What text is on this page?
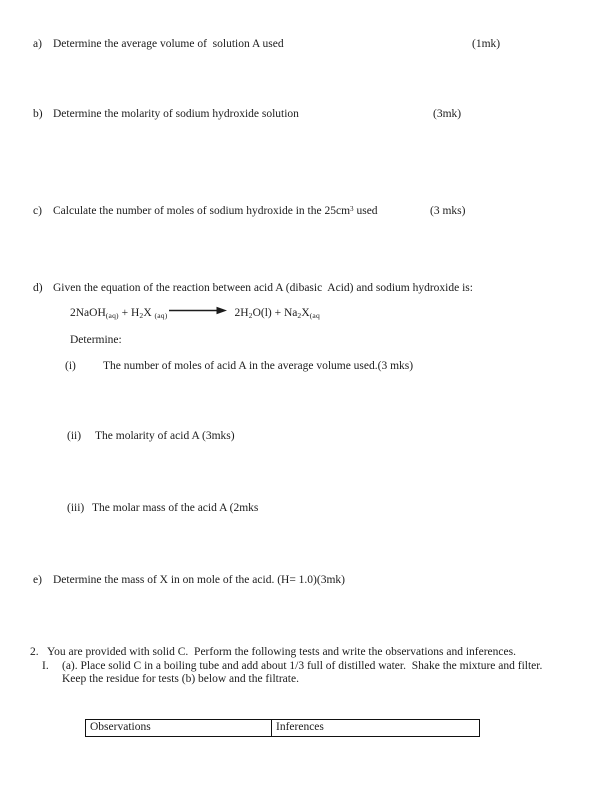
a) Determine the average volume of  solution A used	(1mk)
b) Determine the molarity of sodium hydroxide solution	(3mk)
c) Calculate the number of moles of sodium hydroxide in the $25cm^3$ used	(3 mks)
d) Given the equation of the reaction between acid A (dibasic  Acid) and sodium hydroxide is:
2NaOH$_{(aq)}$ + $H_2X$ $_{(aq)}$	$2H_2O(l) + Na_2X_{(aq}$
Determine:
(i) The number of moles of acid A in the average volume used.(3 mks)
(ii) The molarity of acid A (3mks)
(iii) The molar mass of the acid A (2mks
e) Determine the mass of X in on mole of the acid. (H= 1.0)(3mk)
2. You are provided with solid C.  Perform the following tests and write the observations and inferences.
I. (a). Place solid C in a boiling tube and add about 1/3 full of distilled water.  Shake the mixture and filter.
Keep the residue for tests (b) below and the filtrate.
Observations	Inferences
